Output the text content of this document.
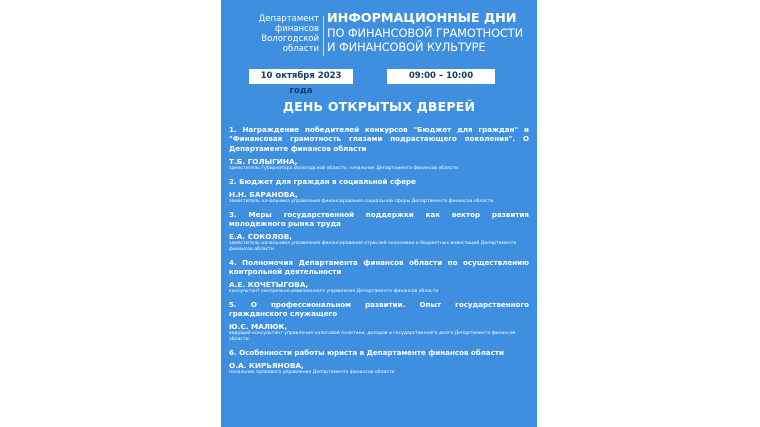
Департамент
финансов
Вологодской
области
ИНФОРМАЦИОННЫЕ ДНИ
ПО ФИНАНСОВОЙ ГРАМОТНОСТИ
И ФИНАНСОВОЙ КУЛЬТУРЕ
10 октября 2023 года
09:00 – 10:00
ДЕНЬ ОТКРЫТЫХ ДВЕРЕЙ
1. Награждение победителей конкурсов "Бюджет для граждан" и "Финансовая грамотность глазами подрастающего поколения". О Департаменте финансов области
Т.Б. ГОЛЫГИНА,
заместитель Губернатора Вологодской области, начальник Департамента финансов области
2. Бюджет для граждан в социальной сфере
Н.Н. БАРАНОВА,
заместитель начальника управления финансирования социальной сферы Департамента финансов области
3. Меры государственной поддержки как вектор развития молодежного рынка труда
Е.А. СОКОЛОВ,
заместитель начальника управления финансирования отраслей экономики и бюджетных инвестиций Департамента финансов области
4. Полномочия Департамента финансов области по осуществлению контрольной деятельности
А.Е. КОЧЕТЫГОВА,
консультант контрольно-ревизионного управления Департамента финансов области
5. О профессиональном развитии. Опыт государственного гражданского служащего
Ю.С. МАЛЮК,
ведущий консультант управления налоговой политики, доходов и государственного долга Департамента финансов области
6. Особенности работы юриста в Департаменте финансов области
О.А. КИРЬЯНОВА,
начальник правового управления Департамента финансов области
